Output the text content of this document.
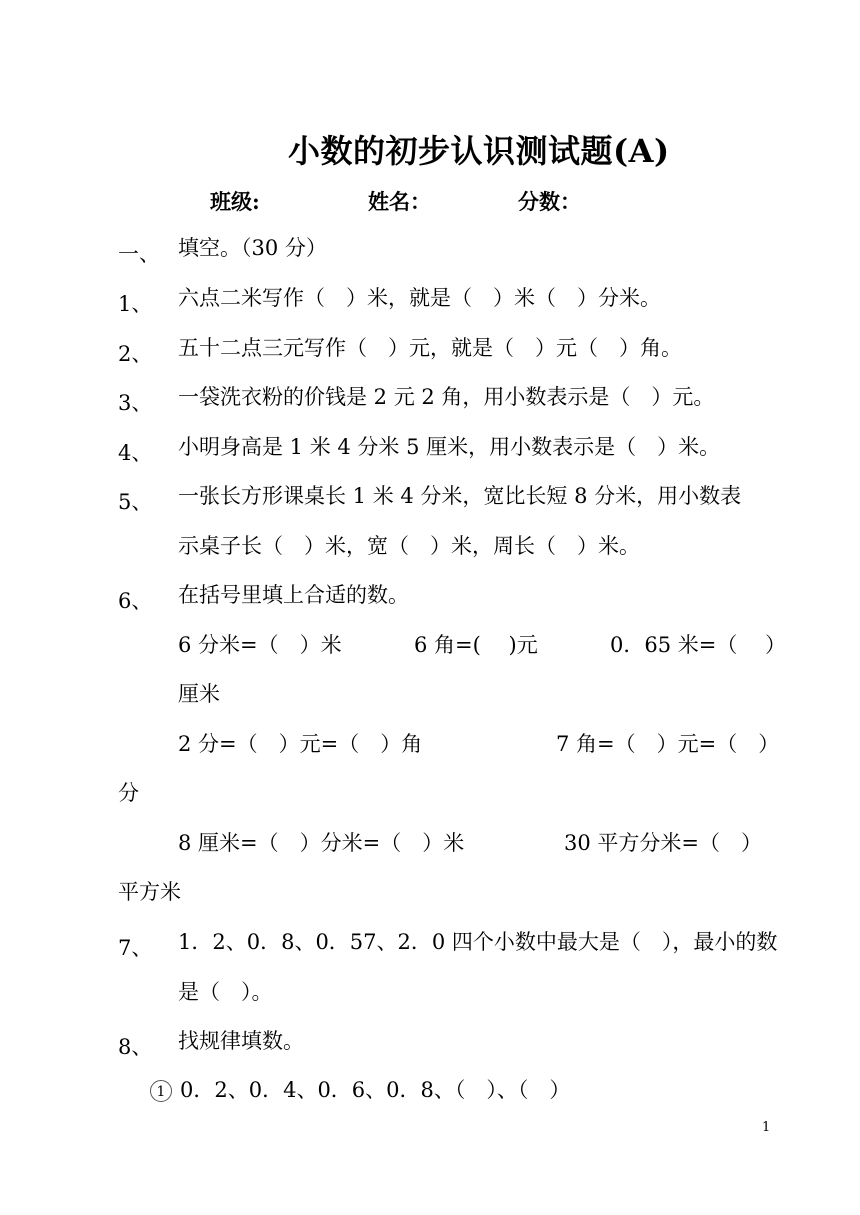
小数的初步认识测试题(A)
班级:	姓名：	分数：
一、 填空。（30 分）
1、 六点二米写作（　）米，就是（　）米（　）分米。
2、 五十二点三元写作（　）元，就是（　）元（　）角。
3、 一袋洗衣粉的价钱是 2 元 2 角，用小数表示是（　）元。
4、 小明身高是 1 米 4 分米 5 厘米，用小数表示是（　）米。
5、 一张长方形课桌长 1 米 4 分米，宽比长短 8 分米，用小数表
示桌子长（　）米，宽（　）米，周长（　）米。
6、 在括号里填上合适的数。
6 分米=（　）米	6 角=(　 )元	0．65 米=（　 ）
厘米
2 分=（　）元=（　）角	7 角=（　）元=（　）
分
8 厘米=（　）分米=（　）米	30 平方分米=（　）
平方米
7、 1．2、0．8、0．57、2．0 四个小数中最大是（　），最小的数
是（　）。
8、 找规律填数。
1 0．2、0．4、0．6、0．8、（　）、（　）
1
